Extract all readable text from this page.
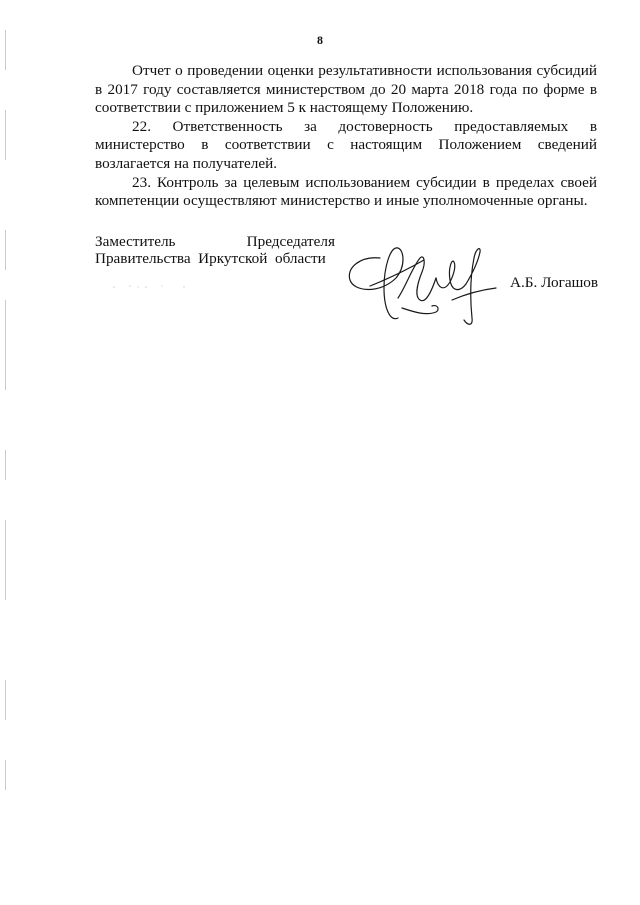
8

Отчет о проведении оценки результативности использования субсидий в 2017 году составляется министерством до 20 марта 2018 года по форме в соответствии с приложением 5 к настоящему Положению.

22. Ответственность за достоверность предоставляемых в министерство в соответствии с настоящим Положением сведений возлагается на получателей.

23. Контроль за целевым использованием субсидии в пределах своей компетенции осуществляют министерство и иные уполномоченные органы.

Заместитель	Председателя
Правительства  Иркутской  области
А.Б. Логашов
